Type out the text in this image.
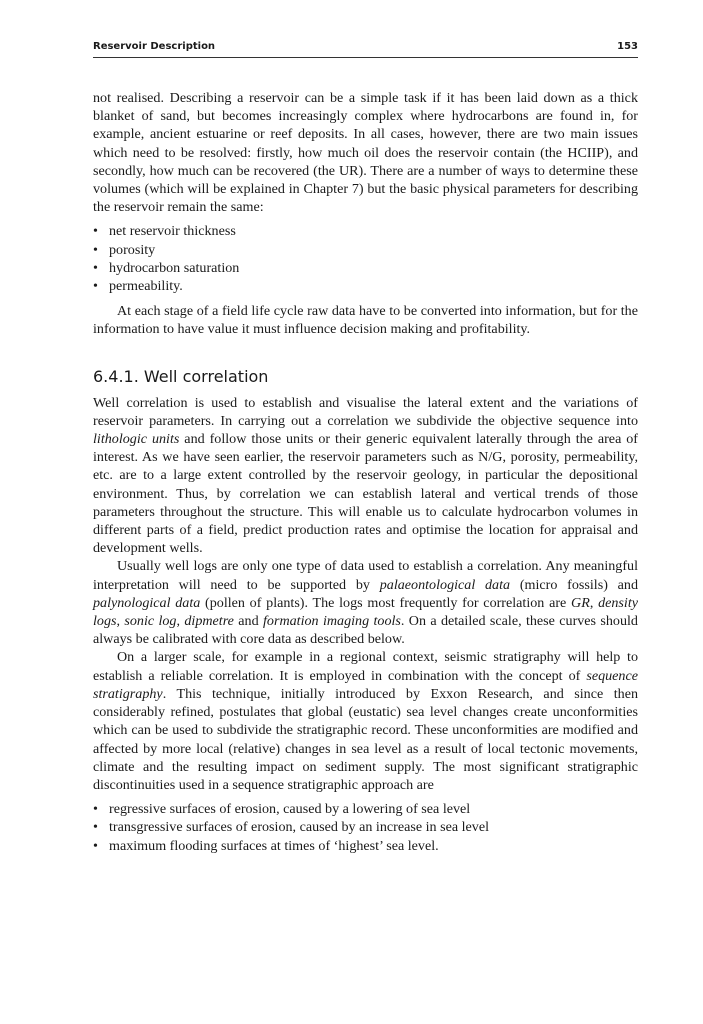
Reservoir Description	153

not realised. Describing a reservoir can be a simple task if it has been laid down as a thick blanket of sand, but becomes increasingly complex where hydrocarbons are found in, for example, ancient estuarine or reef deposits. In all cases, however, there are two main issues which need to be resolved: firstly, how much oil does the reservoir contain (the HCIIP), and secondly, how much can be recovered (the UR). There are a number of ways to determine these volumes (which will be explained in Chapter 7) but the basic physical parameters for describing the reservoir remain the same:

• net reservoir thickness
• porosity
• hydrocarbon saturation
• permeability.

At each stage of a field life cycle raw data have to be converted into information, but for the information to have value it must influence decision making and profitability.

6.4.1. Well correlation

Well correlation is used to establish and visualise the lateral extent and the variations of reservoir parameters. In carrying out a correlation we subdivide the objective sequence into lithologic units and follow those units or their generic equivalent laterally through the area of interest. As we have seen earlier, the reservoir parameters such as N/G, porosity, permeability, etc. are to a large extent controlled by the reservoir geology, in particular the depositional environment. Thus, by correlation we can establish lateral and vertical trends of those parameters throughout the structure. This will enable us to calculate hydrocarbon volumes in different parts of a field, predict production rates and optimise the location for appraisal and development wells.

Usually well logs are only one type of data used to establish a correlation. Any meaningful interpretation will need to be supported by palaeontological data (micro fossils) and palynological data (pollen of plants). The logs most frequently for correlation are GR, density logs, sonic log, dipmetre and formation imaging tools. On a detailed scale, these curves should always be calibrated with core data as described below.

On a larger scale, for example in a regional context, seismic stratigraphy will help to establish a reliable correlation. It is employed in combination with the concept of sequence stratigraphy. This technique, initially introduced by Exxon Research, and since then considerably refined, postulates that global (eustatic) sea level changes create unconformities which can be used to subdivide the stratigraphic record. These unconformities are modified and affected by more local (relative) changes in sea level as a result of local tectonic movements, climate and the resulting impact on sediment supply. The most significant stratigraphic discontinuities used in a sequence stratigraphic approach are

• regressive surfaces of erosion, caused by a lowering of sea level
• transgressive surfaces of erosion, caused by an increase in sea level
• maximum flooding surfaces at times of ‘highest’ sea level.
